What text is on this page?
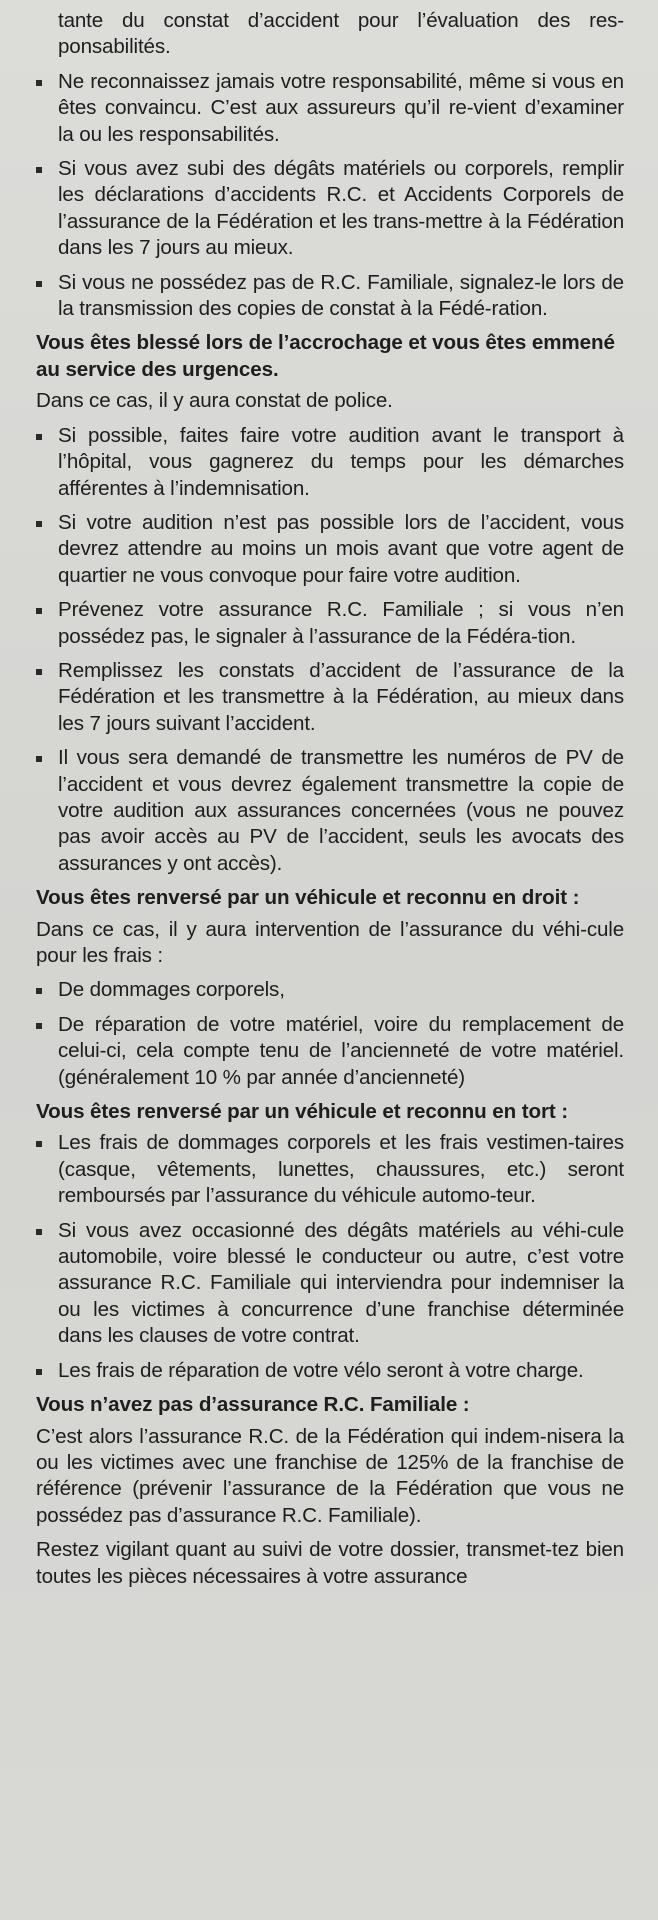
tante du constat d’accident pour l’évaluation des res-ponsabilités.
Ne reconnaissez jamais votre responsabilité, même si vous en êtes convaincu. C’est aux assureurs qu’il re-vient d’examiner la ou les responsabilités.
Si vous avez subi des dégâts matériels ou corporels, remplir les déclarations d’accidents R.C. et Accidents Corporels de l’assurance de la Fédération et les trans-mettre à la Fédération dans les 7 jours au mieux.
Si vous ne possédez pas de R.C. Familiale, signalez-le lors de la transmission des copies de constat à la Fédé-ration.
Vous êtes blessé lors de l’accrochage et vous êtes emmené au service des urgences.
Dans ce cas, il y aura constat de police.
Si possible, faites faire votre audition avant le transport à l’hôpital, vous gagnerez du temps pour les démarches afférentes à l’indemnisation.
Si votre audition n’est pas possible lors de l’accident, vous devrez attendre au moins un mois avant que votre agent de quartier ne vous convoque pour faire votre audition.
Prévenez votre assurance R.C. Familiale ; si vous n’en possédez pas, le signaler à l’assurance de la Fédéra-tion.
Remplissez les constats d’accident de l’assurance de la Fédération et les transmettre à la Fédération, au mieux dans les 7 jours suivant l’accident.
Il vous sera demandé de transmettre les numéros de PV de l’accident et vous devrez également transmettre la copie de votre audition aux assurances concernées (vous ne pouvez pas avoir accès au PV de l’accident, seuls les avocats des assurances y ont accès).
Vous êtes renversé par un véhicule et reconnu en droit :
Dans ce cas, il y aura intervention de l’assurance du véhi-cule pour les frais :
De dommages corporels,
De réparation de votre matériel, voire du remplacement de celui-ci, cela compte tenu de l’ancienneté de votre matériel. (généralement 10 % par année d’ancienneté)
Vous êtes renversé par un véhicule et reconnu en tort :
Les frais de dommages corporels et les frais vestimen-taires (casque, vêtements, lunettes, chaussures, etc.) seront remboursés par l’assurance du véhicule automo-teur.
Si vous avez occasionné des dégâts matériels au véhi-cule automobile, voire blessé le conducteur ou autre, c’est votre assurance R.C. Familiale qui interviendra pour indemniser la ou les victimes à concurrence d’une franchise déterminée dans les clauses de votre contrat.
Les frais de réparation de votre vélo seront à votre charge.
Vous n’avez pas d’assurance R.C. Familiale :
C’est alors l’assurance R.C. de la Fédération qui indem-nisera la ou les victimes avec une franchise de 125% de la franchise de référence (prévenir l’assurance de la Fédération que vous ne possédez pas d’assurance R.C. Familiale).
Restez vigilant quant au suivi de votre dossier, transmet-tez bien toutes les pièces nécessaires à votre assurance
